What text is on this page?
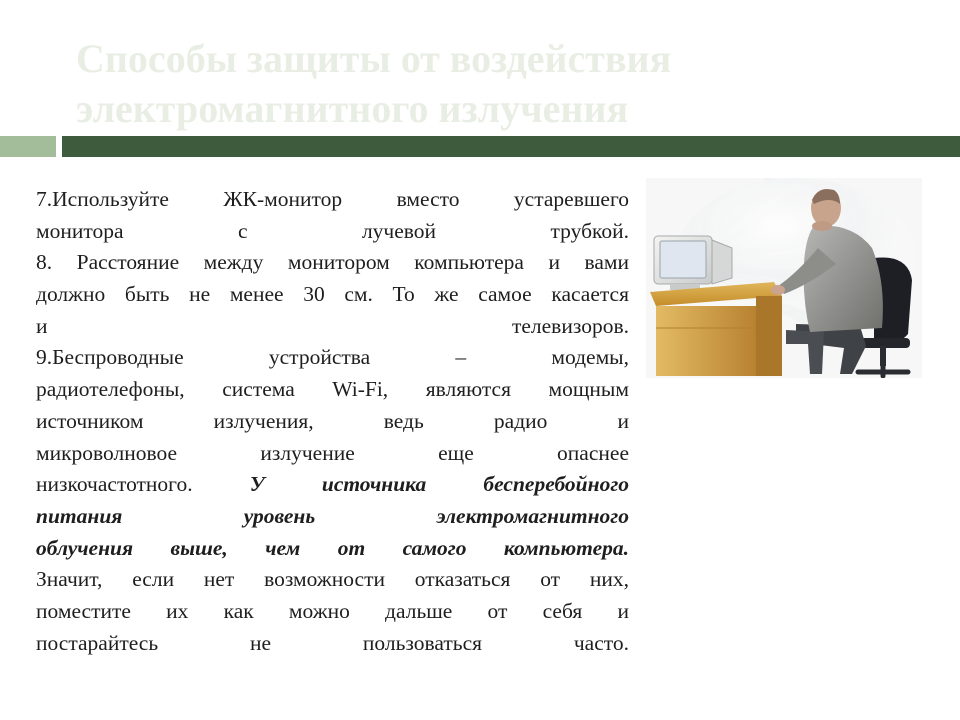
Способы защиты от воздействия
электромагнитного излучения
7.Используйте ЖК-монитор вместо устаревшего
монитора с лучевой трубкой.
8. Расстояние между монитором компьютера и вами
должно быть не менее 30 см. То же самое касается
и телевизоров.
9.Беспроводные устройства – модемы,
радиотелефоны, система Wi-Fi, являются мощным
источником излучения, ведь радио и
микроволновое излучение еще опаснее
низкочастотного. У источника бесперебойного
питания уровень электромагнитного
облучения выше, чем от самого компьютера.
Значит, если нет возможности отказаться от них,
поместите их как можно дальше от себя и
постарайтесь не пользоваться часто.
